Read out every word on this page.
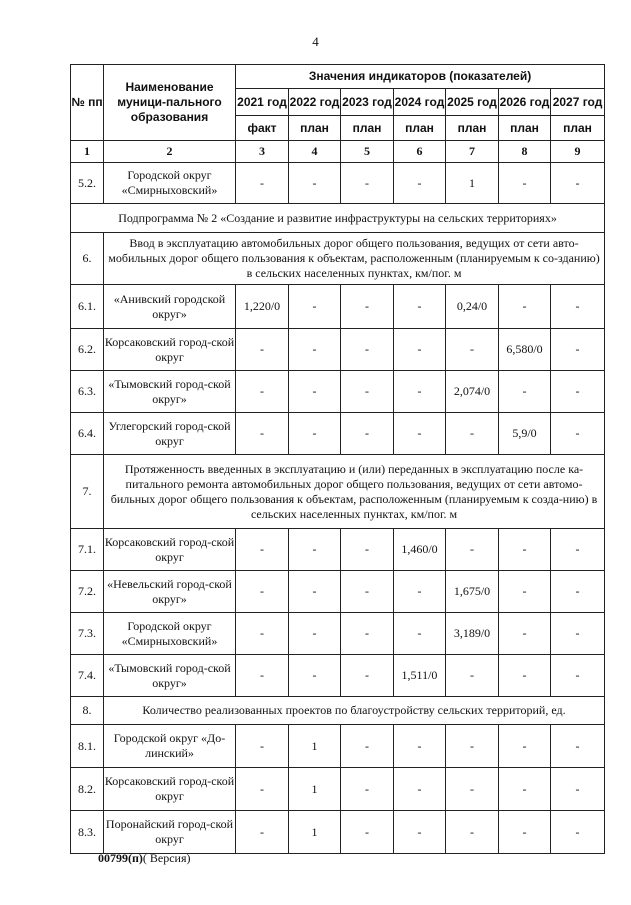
4
№ пп	Наименование муници-пального образования	Значения индикаторов (показателей)						
		2021 год	2022 год	2023 год	2024 год	2025 год	2026 год	2027 год
		факт	план	план	план	план	план	план
1	2	3	4	5	6	7	8	9
5.2.	Городской округ «Смирныховский»	-	-	-	-	1	-	-
Подпрограмма № 2 «Создание и развитие инфраструктуры на сельских территориях»								
6.	Ввод в эксплуатацию автомобильных дорог общего пользования, ведущих от сети авто-мобильных дорог общего пользования к объектам, расположенным (планируемым к со-зданию) в сельских населенных пунктах, км/пог. м							
6.1.	«Анивский городской округ»	1,220/0	-	-	-	0,24/0	-	-
6.2.	Корсаковский город-ской округ	-	-	-	-	-	6,580/0	-
6.3.	«Тымовский город-ской округ»	-	-	-	-	2,074/0	-	-
6.4.	Углегорский город-ской округ	-	-	-	-	-	5,9/0	-
7.	Протяженность введенных в эксплуатацию и (или) переданных в эксплуатацию после ка-питального ремонта автомобильных дорог общего пользования, ведущих от сети автомо-бильных дорог общего пользования к объектам, расположенным (планируемым к созда-нию) в сельских населенных пунктах, км/пог. м							
7.1.	Корсаковский город-ской округ	-	-	-	1,460/0	-	-	-
7.2.	«Невельский город-ской округ»	-	-	-	-	1,675/0	-	-
7.3.	Городской округ «Смирныховский»	-	-	-	-	3,189/0	-	-
7.4.	«Тымовский город-ской округ»	-	-	-	1,511/0	-	-	-
8.	Количество реализованных проектов по благоустройству сельских территорий, ед.							
8.1.	Городской округ «До-линский»	-	1	-	-	-	-	-
8.2.	Корсаковский город-ской округ	-	1	-	-	-	-	-
8.3.	Поронайский город-ской округ	-	1	-	-	-	-	-
00799(п)( Версия)
